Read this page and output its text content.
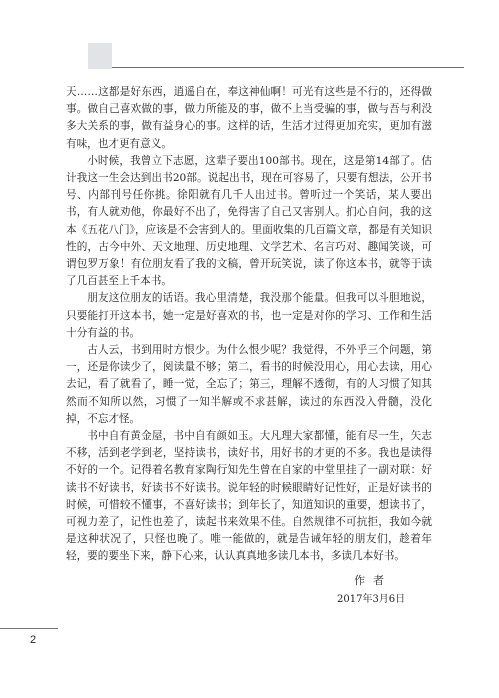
天……这都是好东西，逍遥自在，奉这神仙啊！可光有这些是不行的，还得做事。做自己喜欢做的事，做力所能及的事，做不上当受骗的事，做与吾与利没多大关系的事，做有益身心的事。这样的话，生活才过得更加充实，更加有滋有味，也才更有意义。

小时候，我曾立下志愿，这辈子要出100部书。现在，这是第14部了。估计我这一生会达到出书20部。说起出书，现在可容易了，只要有想法，公开书号、内部刊号任你挑。徐阳就有几千人出过书。曾听过一个笑话，某人要出书，有人就劝他，你最好不出了，免得害了自己又害别人。扪心自问，我的这本《五花八门》，应该是不会害到人的。里面收集的几百篇文章，都是有关知识性的，古今中外、天文地理、历史地理、文学艺术、名言巧对、趣闻笑谈，可谓包罗万象！有位朋友看了我的文稿，曾开玩笑说，读了你这本书，就等于读了几百甚至上千本书。

朋友这位朋友的话语。我心里清楚，我没那个能量。但我可以斗胆地说，只要能打开这本书，她一定是好喜欢的书，也一定是对你的学习、工作和生活十分有益的书。

古人云，书到用时方恨少。为什么恨少呢？我觉得，不外乎三个问题，第一，还是你读少了，阅读量不够；第二，看书的时候没用心，用心去读，用心去记，看了就看了，睡一觉，全忘了；第三，理解不透彻，有的人习惯了知其然而不知所以然，习惯了一知半解或不求甚解，读过的东西没入骨髓，没化掉，不忘才怪。

书中自有黄金屋，书中自有颜如玉。大凡理大家都懂，能有尽一生，矢志不移，活到老学到老，坚持读书，读好书，用好书的才更的不多。我也是读得不好的一个。记得着名教育家陶行知先生曾在自家的中堂里挂了一副对联：好读书不好读书，好读书不好读书。说年轻的时候眼睛好记性好，正是好读书的时候，可惜较不懂事，不喜好读书；到年长了，知道知识的重要，想读书了，可视力差了，记性也差了，读起书来效果不佳。自然规律不可抗拒，我如今就是这种状况了，只怪也晚了。唯一能做的，就是告诫年轻的朋友们，趁着年轻，要的要坐下来，静下心来，认认真真地多读几本书，多读几本好书。

作者
2017年3月6日
2
